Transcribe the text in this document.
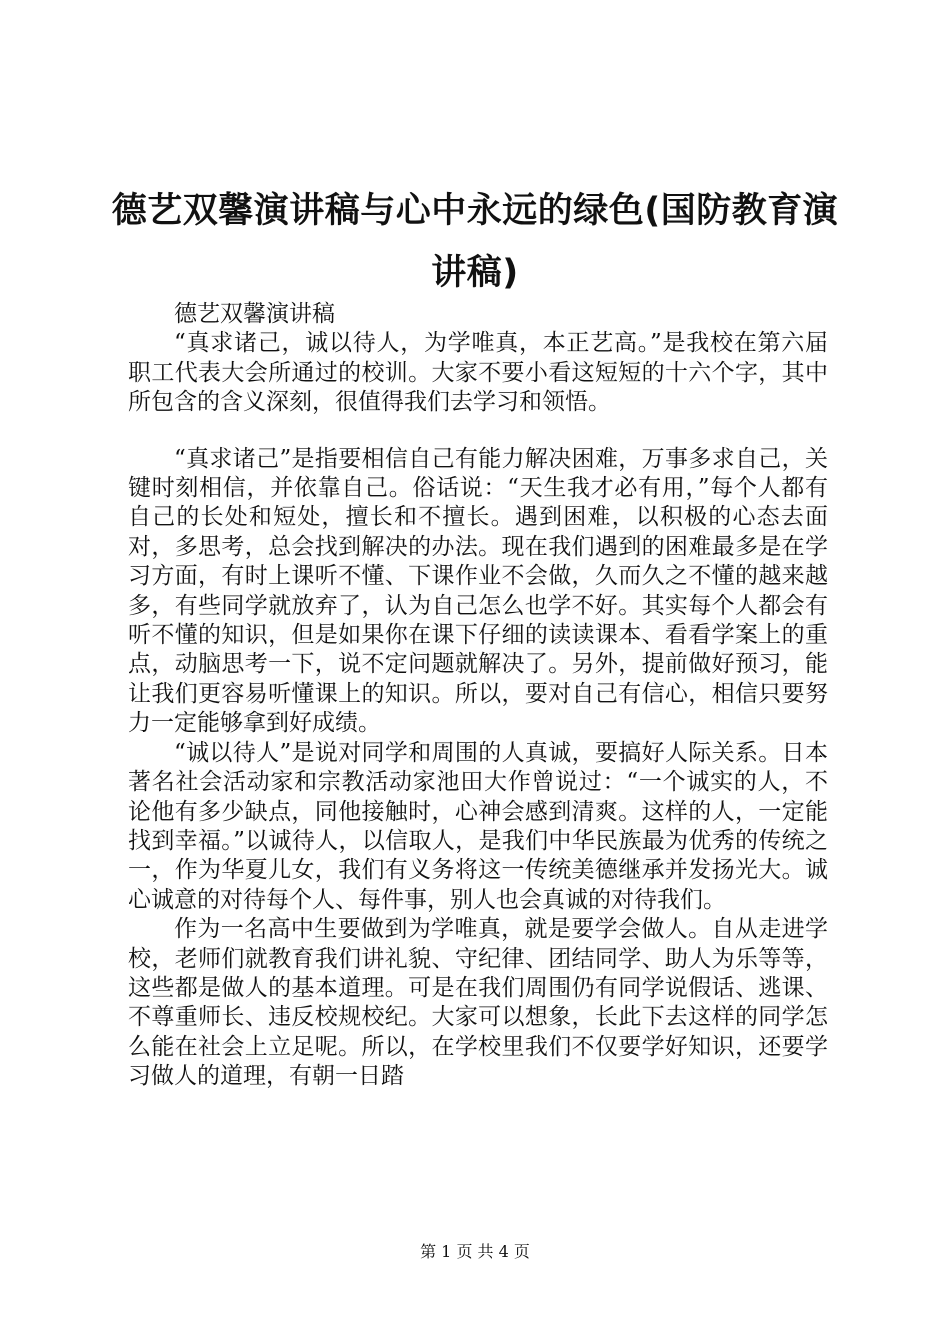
德艺双馨演讲稿与心中永远的绿色(国防教育演讲稿)

德艺双馨演讲稿

“真求诸己，诚以待人，为学唯真，本正艺高。”是我校在第六届职工代表大会所通过的校训。大家不要小看这短短的十六个字，其中所包含的含义深刻，很值得我们去学习和领悟。

“真求诸己”是指要相信自己有能力解决困难，万事多求自己，关键时刻相信，并依靠自己。俗话说：“天生我才必有用，”每个人都有自己的长处和短处，擅长和不擅长。遇到困难，以积极的心态去面对，多思考，总会找到解决的办法。现在我们遇到的困难最多是在学习方面，有时上课听不懂、下课作业不会做，久而久之不懂的越来越多，有些同学就放弃了，认为自己怎么也学不好。其实每个人都会有听不懂的知识，但是如果你在课下仔细的读读课本、看看学案上的重点，动脑思考一下，说不定问题就解决了。另外，提前做好预习，能让我们更容易听懂课上的知识。所以，要对自己有信心，相信只要努力一定能够拿到好成绩。

“诚以待人”是说对同学和周围的人真诚，要搞好人际关系。日本著名社会活动家和宗教活动家池田大作曾说过：“一个诚实的人，不论他有多少缺点，同他接触时，心神会感到清爽。这样的人，一定能找到幸福。”以诚待人，以信取人，是我们中华民族最为优秀的传统之一，作为华夏儿女，我们有义务将这一传统美德继承并发扬光大。诚心诚意的对待每个人、每件事，别人也会真诚的对待我们。

作为一名高中生要做到为学唯真，就是要学会做人。自从走进学校，老师们就教育我们讲礼貌、守纪律、团结同学、助人为乐等等，这些都是做人的基本道理。可是在我们周围仍有同学说假话、逃课、不尊重师长、违反校规校纪。大家可以想象，长此下去这样的同学怎么能在社会上立足呢。所以，在学校里我们不仅要学好知识，还要学习做人的道理，有朝一日踏

第 1 页 共 4 页
